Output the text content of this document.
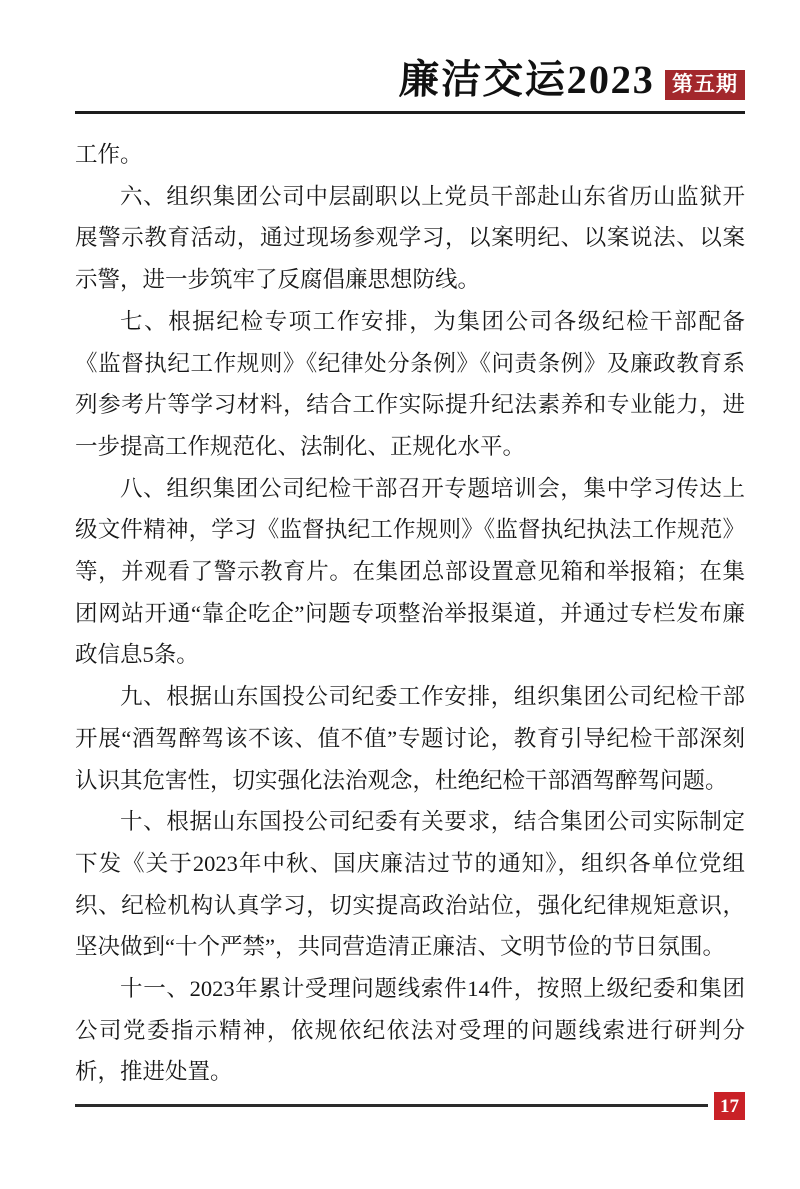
廉洁交运2023 第五期

工作。

六、组织集团公司中层副职以上党员干部赴山东省历山监狱开展警示教育活动，通过现场参观学习，以案明纪、以案说法、以案示警，进一步筑牢了反腐倡廉思想防线。

七、根据纪检专项工作安排，为集团公司各级纪检干部配备《监督执纪工作规则》《纪律处分条例》《问责条例》及廉政教育系列参考片等学习材料，结合工作实际提升纪法素养和专业能力，进一步提高工作规范化、法制化、正规化水平。

八、组织集团公司纪检干部召开专题培训会，集中学习传达上级文件精神，学习《监督执纪工作规则》《监督执纪执法工作规范》等，并观看了警示教育片。在集团总部设置意见箱和举报箱；在集团网站开通“靠企吃企”问题专项整治举报渠道，并通过专栏发布廉政信息5条。

九、根据山东国投公司纪委工作安排，组织集团公司纪检干部开展“酒驾醉驾该不该、值不值”专题讨论，教育引导纪检干部深刻认识其危害性，切实强化法治观念，杜绝纪检干部酒驾醉驾问题。

十、根据山东国投公司纪委有关要求，结合集团公司实际制定下发《关于2023年中秋、国庆廉洁过节的通知》，组织各单位党组织、纪检机构认真学习，切实提高政治站位，强化纪律规矩意识，坚决做到“十个严禁”，共同营造清正廉洁、文明节俭的节日氛围。

十一、2023年累计受理问题线索件14件，按照上级纪委和集团公司党委指示精神，依规依纪依法对受理的问题线索进行研判分析，推进处置。

17
